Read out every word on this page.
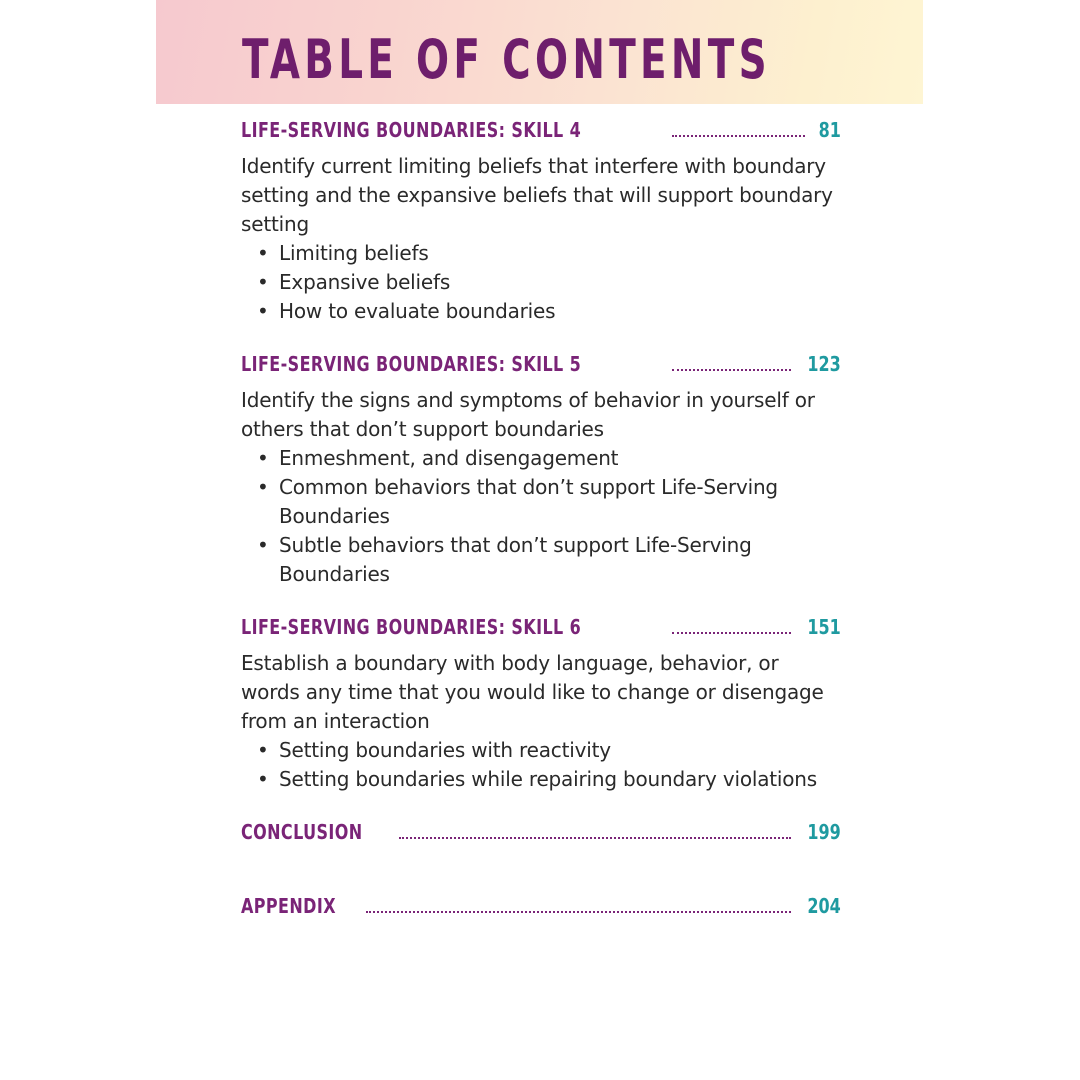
TABLE OF CONTENTS
LIFE-SERVING BOUNDARIES: SKILL 4	81

Identify current limiting beliefs that interfere with boundary setting and the expansive beliefs that will support boundary setting

• Limiting beliefs
• Expansive beliefs
• How to evaluate boundaries
LIFE-SERVING BOUNDARIES: SKILL 5	123

Identify the signs and symptoms of behavior in yourself or others that don’t support boundaries

• Enmeshment, and disengagement
• Common behaviors that don’t support Life-Serving Boundaries
• Subtle behaviors that don’t support Life-Serving Boundaries
LIFE-SERVING BOUNDARIES: SKILL 6	151

Establish a boundary with body language, behavior, or words any time that you would like to change or disengage from an interaction

• Setting boundaries with reactivity
• Setting boundaries while repairing boundary violations
CONCLUSION	199
APPENDIX	204
